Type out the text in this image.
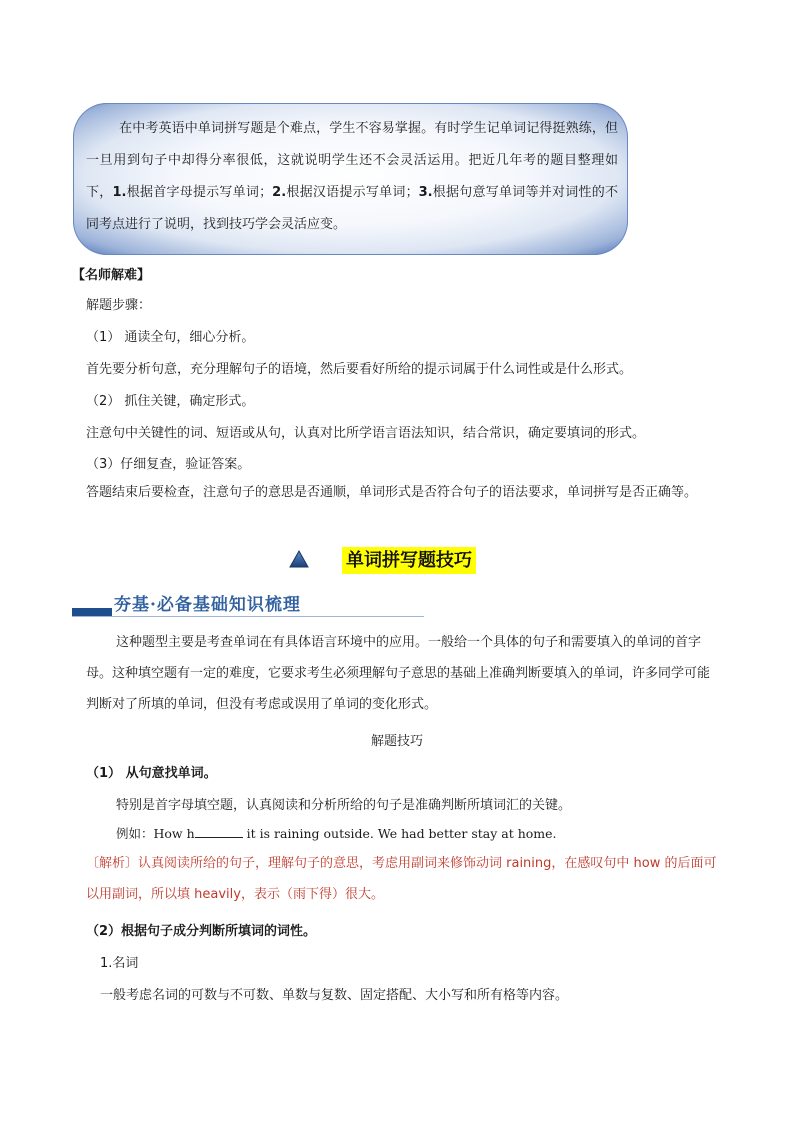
在中考英语中单词拼写题是个难点，学生不容易掌握。有时学生记单词记得挺熟练，但一旦用到句子中却得分率很低，这就说明学生还不会灵活运用。把近几年考的题目整理如下，1.根据首字母提示写单词；2.根据汉语提示写单词；3.根据句意写单词等并对词性的不同考点进行了说明，找到技巧学会灵活应变。
【名师解难】
解题步骤：
（1） 通读全句，细心分析。
首先要分析句意，充分理解句子的语境，然后要看好所给的提示词属于什么词性或是什么形式。
（2） 抓住关键，确定形式。
注意句中关键性的词、短语或从句，认真对比所学语言语法知识，结合常识，确定要填词的形式。
（3）仔细复查，验证答案。
答题结束后要检查，注意句子的意思是否通顺，单词形式是否符合句子的语法要求，单词拼写是否正确等。
单词拼写题技巧
夯基·必备基础知识梳理
这种题型主要是考查单词在有具体语言环境中的应用。一般给一个具体的句子和需要填入的单词的首字母。这种填空题有一定的难度，它要求考生必须理解句子意思的基础上准确判断要填入的单词，许多同学可能判断对了所填的单词，但没有考虑或误用了单词的变化形式。
解题技巧
（1） 从句意找单词。
特别是首字母填空题，认真阅读和分析所给的句子是准确判断所填词汇的关键。
例如：How h	it is raining outside. We had better stay at home.
〔解析〕认真阅读所给的句子，理解句子的意思，考虑用副词来修饰动词 raining，在感叹句中 how 的后面可以用副词，所以填 heavily，表示（雨下得）很大。
（2）根据句子成分判断所填词的词性。
1.名词
一般考虑名词的可数与不可数、单数与复数、固定搭配、大小写和所有格等内容。
